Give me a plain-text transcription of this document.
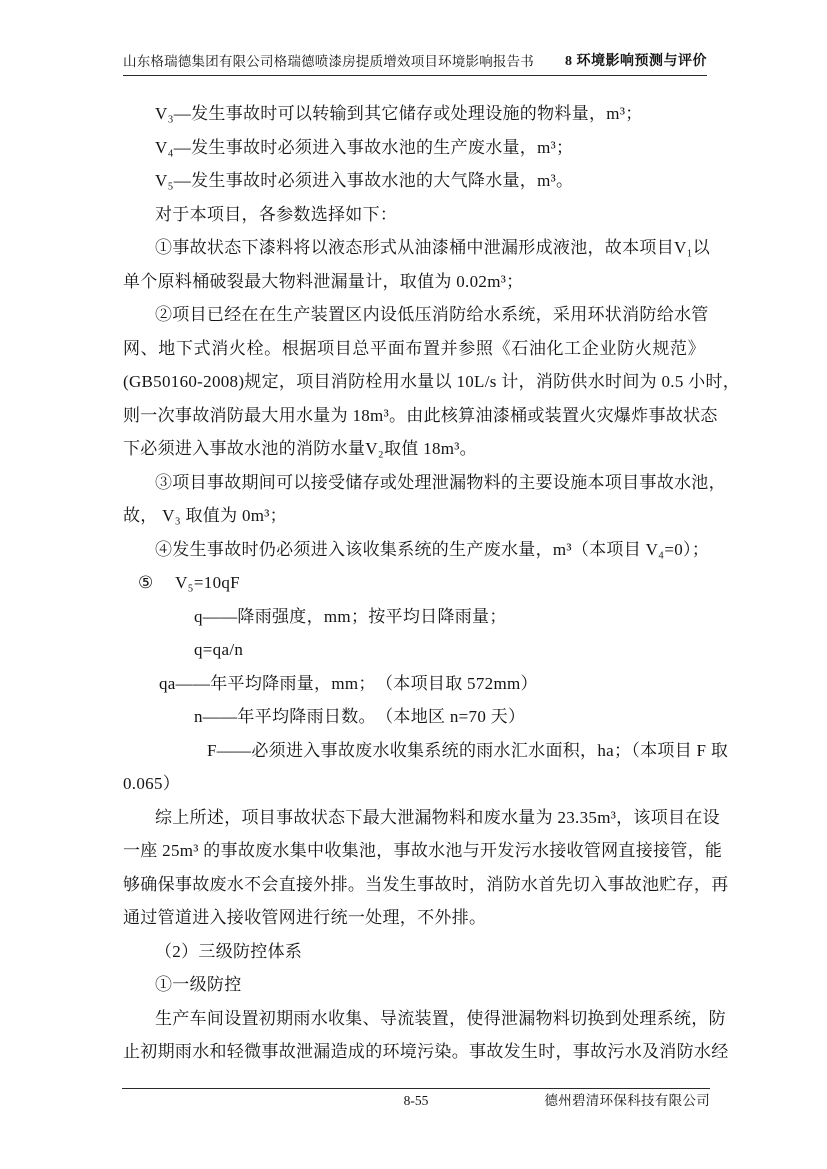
山东格瑞德集团有限公司格瑞德喷漆房提质增效项目环境影响报告书 8 环境影响预测与评价
V₃—发生事故时可以转输到其它储存或处理设施的物料量，m³；
V₄—发生事故时必须进入事故水池的生产废水量，m³；
V₅—发生事故时必须进入事故水池的大气降水量，m³。
对于本项目，各参数选择如下：
①事故状态下漆料将以液态形式从油漆桶中泄漏形成液池，故本项目V₁以
单个原料桶破裂最大物料泄漏量计，取值为 0.02m³；
②项目已经在在生产装置区内设低压消防给水系统，采用环状消防给水管
网、地下式消火栓。根据项目总平面布置并参照《石油化工企业防火规范》
(GB50160-2008)规定，项目消防栓用水量以 10L/s 计，消防供水时间为 0.5 小时，
则一次事故消防最大用水量为 18m³。由此核算油漆桶或装置火灾爆炸事故状态
下必须进入事故水池的消防水量V₂取值 18m³。
③项目事故期间可以接受储存或处理泄漏物料的主要设施本项目事故水池，
故， V₃ 取值为 0m³；
④发生事故时仍必须进入该收集系统的生产废水量，m³（本项目 V₄=0）；
⑤　 V₅=10qF
q——降雨强度，mm；按平均日降雨量；
q=qa/n
qa——年平均降雨量，mm；　（本项目取 572mm）
n——年平均降雨日数。　（本地区 n=70 天）
F——必须进入事故废水收集系统的雨水汇水面积，ha；（本项目 F 取
0.065）
综上所述，项目事故状态下最大泄漏物料和废水量为 23.35m³，该项目在设
一座 25m³ 的事故废水集中收集池，事故水池与开发污水接收管网直接接管，能
够确保事故废水不会直接外排。当发生事故时，消防水首先切入事故池贮存，再
通过管道进入接收管网进行统一处理，不外排。
（2）三级防控体系
①一级防控
生产车间设置初期雨水收集、导流装置，使得泄漏物料切换到处理系统，防
止初期雨水和轻微事故泄漏造成的环境污染。事故发生时，事故污水及消防水经
8-55	德州碧清环保科技有限公司
